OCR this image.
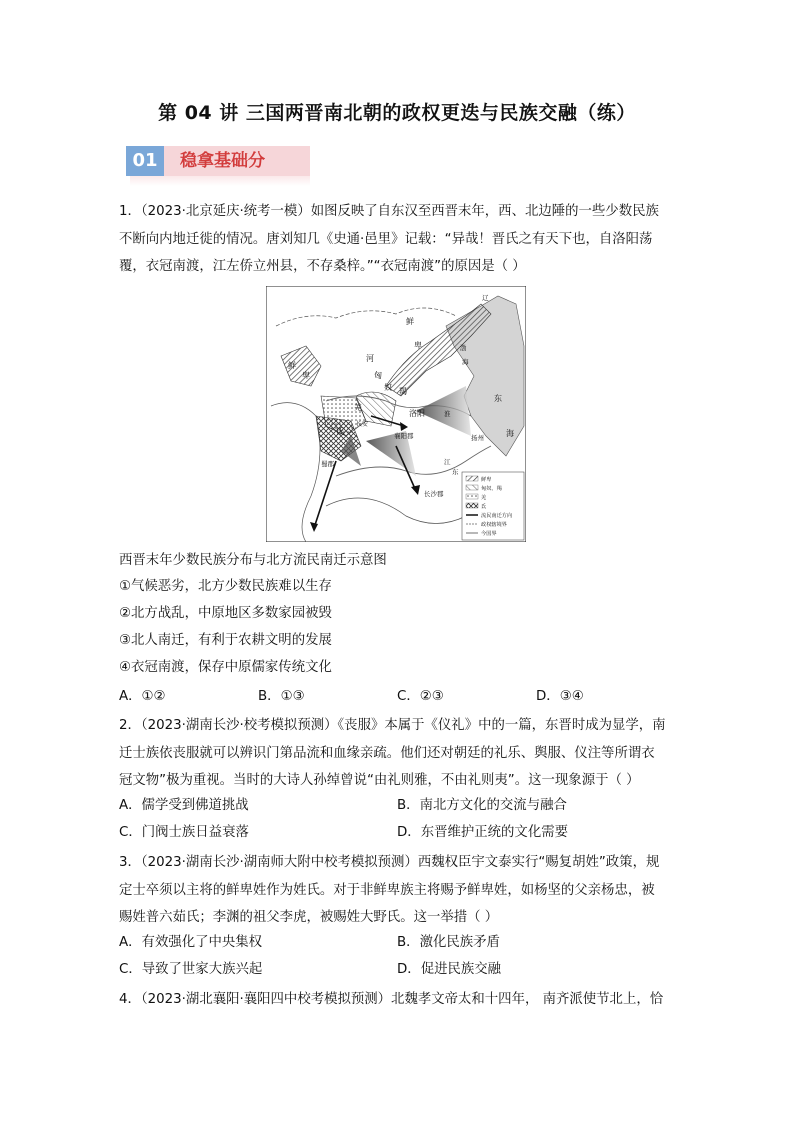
第 04 讲 三国两晋南北朝的政权更迭与民族交融（练）
01	稳拿基础分
1．（2023·北京延庆·统考一模）如图反映了自东汉至西晋末年，西、北边陲的一些少数民族
不断向内地迁徙的情况。唐刘知几《史通·邑里》记载：“异哉！晋氏之有天下也，自洛阳荡
覆，衣冠南渡，江左侨立州县，不存桑梓。”“衣冠南渡”的原因是（ ）
鲜
卑
鲜
卑
河
匈
奴 羯
洛阳
羌
氐
长安
襄阳郡
蜀郡
长沙郡
扬州
东
海
辽
渤
海
淮
江
东
鲜卑
匈奴、羯
羌
氐
流民南迁方向
政权辖境界
今国界
西晋末年少数民族分布与北方流民南迁示意图
①气候恶劣，北方少数民族难以生存
②北方战乱，中原地区多数家园被毁
③北人南迁，有利于农耕文明的发展
④衣冠南渡，保存中原儒家传统文化
A．①②	B．①③	C．②③	D．③④
2．（2023·湖南长沙·校考模拟预测）《丧服》本属于《仪礼》中的一篇，东晋时成为显学，南
迁士族依丧服就可以辨识门第品流和血缘亲疏。他们还对朝廷的礼乐、舆服、仪注等所谓衣
冠文物”极为重视。当时的大诗人孙绰曾说“由礼则雅，不由礼则夷”。这一现象源于（ ）
A．儒学受到佛道挑战	B．南北方文化的交流与融合
C．门阀士族日益衰落	D．东晋维护正统的文化需要
3．（2023·湖南长沙·湖南师大附中校考模拟预测）西魏权臣宇文泰实行“赐复胡姓”政策，规
定士卒须以主将的鲜卑姓作为姓氏。对于非鲜卑族主将赐予鲜卑姓，如杨坚的父亲杨忠，被
赐姓普六茹氏；李渊的祖父李虎，被赐姓大野氏。这一举措（ ）
A．有效强化了中央集权	B．激化民族矛盾
C．导致了世家大族兴起	D．促进民族交融
4．（2023·湖北襄阳·襄阳四中校考模拟预测）北魏孝文帝太和十四年， 南齐派使节北上，恰
